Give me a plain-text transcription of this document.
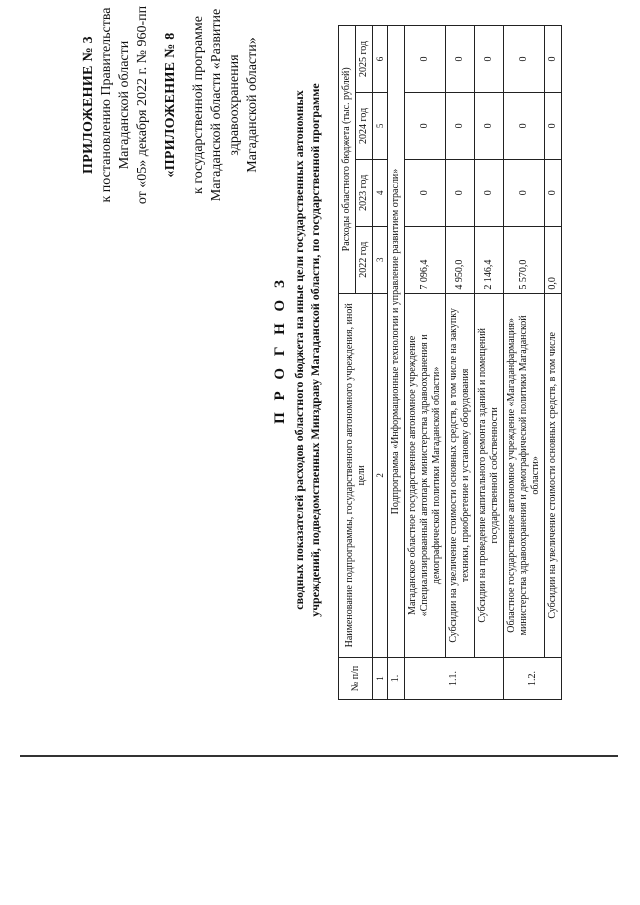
ПРИЛОЖЕНИЕ № 3 к постановлению Правительства Магаданской области от «05» декабря 2022 г. № 960-пп «ПРИЛОЖЕНИЕ № 8 к государственной программе Магаданской области «Развитие здравоохранения Магаданской области»
П Р О Г Н О З сводных показателей расходов областного бюджета на иные цели государственных автономных учреждений, подведомственных Минздраву Магаданской области, по государственной программе
№ п/п	Наименование подпрограммы, государственного автономного учреждения, иной цели	Расходы областного бюджета (тыс. рублей)			
		2022 год	2023 год	2024 год	2025 год
1	2	3	4	5	6
1.	Подпрограмма «Информационные технологии и управление развитием отрасли»				
1.1.	Магаданское областное государственное автономное учреждение «Специализированный автопарк министерства здравоохранения и демографической политики Магаданской области»	7 096,4	0	0	0
	Субсидии на увеличение стоимости основных средств, в том числе на закупку техники, приобретение и установку оборудования	4 950,0	0	0	0
	Субсидии на проведение капитального ремонта зданий и помещений государственной собственности	2 146,4	0	0	0
1.2.	Областное государственное автономное учреждение «Магаданфармация» министерства здравоохранения и демографической политики Магаданской области»	5 570,0	0	0	0
	Субсидии на увеличение стоимости основных средств, в том числе	0,0	0	0	0
